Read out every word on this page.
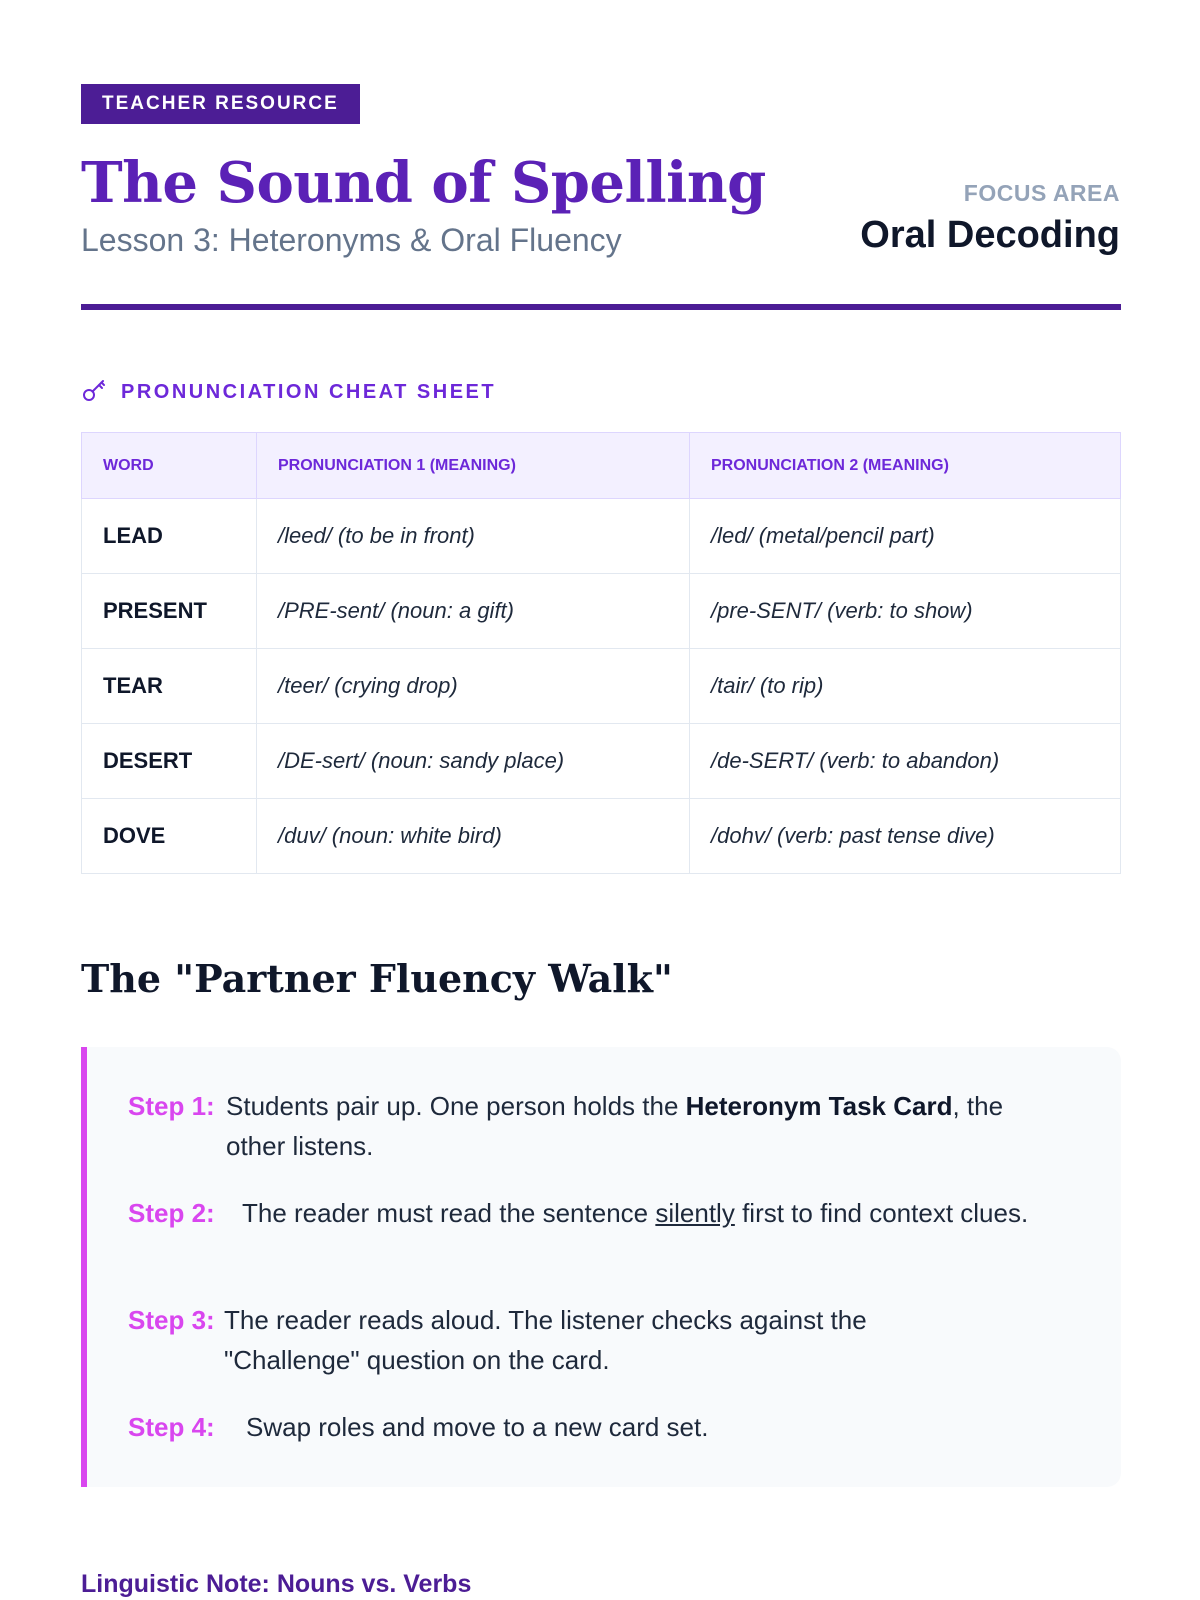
TEACHER RESOURCE
The Sound of Spelling
Lesson 3: Heteronyms & Oral Fluency
FOCUS AREA
Oral Decoding
PRONUNCIATION CHEAT SHEET
WORD	PRONUNCIATION 1 (MEANING)	PRONUNCIATION 2 (MEANING)
LEAD	/leed/ (to be in front)	/led/ (metal/pencil part)
PRESENT	/PRE-sent/ (noun: a gift)	/pre-SENT/ (verb: to show)
TEAR	/teer/ (crying drop)	/tair/ (to rip)
DESERT	/DE-sert/ (noun: sandy place)	/de-SERT/ (verb: to abandon)
DOVE	/duv/ (noun: white bird)	/dohv/ (verb: past tense dive)
The "Partner Fluency Walk"
Step 1: Students pair up. One person holds the Heteronym Task Card, the other listens.
Step 2:	The reader must read the sentence silently first to find context clues.
Step 3: The reader reads aloud. The listener checks against the "Challenge" question on the card.
Step 4:	Swap roles and move to a new card set.
Linguistic Note: Nouns vs. Verbs
